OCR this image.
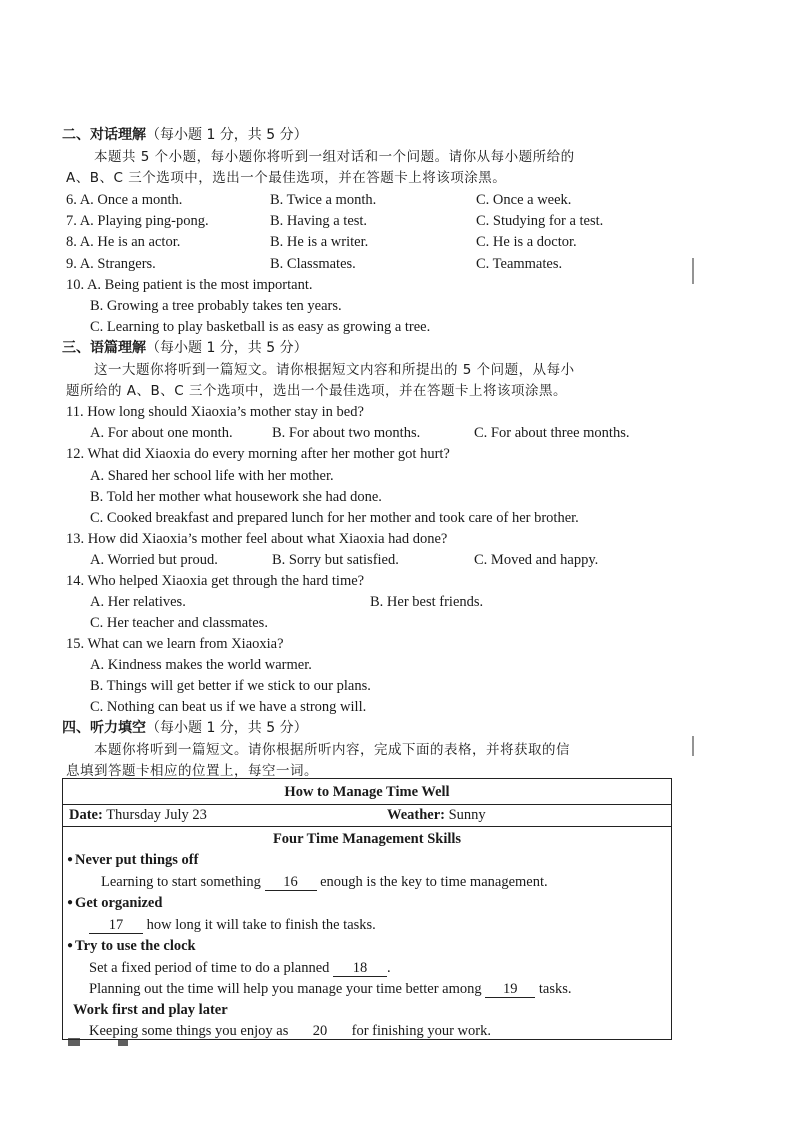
二、对话理解（每小题 1 分，共 5 分）
本题共 5 个小题，每小题你将听到一组对话和一个问题。请你从每小题所给的
A、B、C 三个选项中，选出一个最佳选项，并在答题卡上将该项涂黑。
6. A. Once a month.	B. Twice a month.	C. Once a week.
7. A. Playing ping-pong.	B. Having a test.	C. Studying for a test.
8. A. He is an actor.	B. He is a writer.	C. He is a doctor.
9. A. Strangers.	B. Classmates.	C. Teammates.
10. A. Being patient is the most important.
B. Growing a tree probably takes ten years.
C. Learning to play basketball is as easy as growing a tree.
三、语篇理解（每小题 1 分，共 5 分）
这一大题你将听到一篇短文。请你根据短文内容和所提出的 5 个问题，从每小
题所给的 A、B、C 三个选项中，选出一个最佳选项，并在答题卡上将该项涂黑。
11. How long should Xiaoxia’s mother stay in bed?
A. For about one month.	B. For about two months.	C. For about three months.
12. What did Xiaoxia do every morning after her mother got hurt?
A. Shared her school life with her mother.
B. Told her mother what housework she had done.
C. Cooked breakfast and prepared lunch for her mother and took care of her brother.
13. How did Xiaoxia’s mother feel about what Xiaoxia had done?
A. Worried but proud.	B. Sorry but satisfied.	C. Moved and happy.
14. Who helped Xiaoxia get through the hard time?
A. Her relatives.	B. Her best friends.
C. Her teacher and classmates.
15. What can we learn from Xiaoxia?
A. Kindness makes the world warmer.
B. Things will get better if we stick to our plans.
C. Nothing can beat us if we have a strong will.
四、听力填空（每小题 1 分，共 5 分）
本题你将听到一篇短文。请你根据所听内容，完成下面的表格，并将获取的信
息填到答题卡相应的位置上，每空一词。
How to Manage Time Well
Date: Thursday July 23	Weather: Sunny
Four Time Management Skills
● Never put things off
Learning to start something 16 enough is the key to time management.
● Get organized
17 how long it will take to finish the tasks.
● Try to use the clock
Set a fixed period of time to do a planned 18 .
Planning out the time will help you manage your time better among 19 tasks.
Work first and play later
Keeping some things you enjoy as 20 for finishing your work.
